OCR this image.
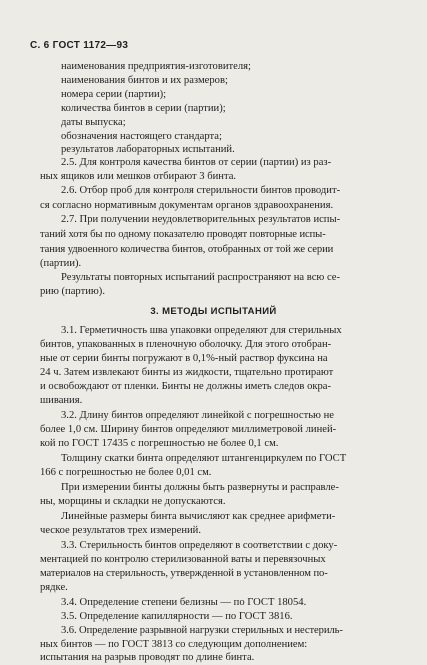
С. 6 ГОСТ 1172—93
наименования предприятия-изготовителя;
наименования бинтов и их размеров;
номера серии (партии);
количества бинтов в серии (партии);
даты выпуска;
обозначения настоящего стандарта;
результатов лабораторных испытаний.
2.5. Для контроля качества бинтов от серии (партии) из раз-
ных ящиков или мешков отбирают 3 бинта.
2.6. Отбор проб для контроля стерильности бинтов проводит-
ся согласно нормативным документам органов здравоохранения.
2.7. При получении неудовлетворительных результатов испы-
таний хотя бы по одному показателю проводят повторные испы-
тания удвоенного количества бинтов, отобранных от той же серии
(партии).
3. МЕТОДЫ ИСПЫТАНИЙ
Результаты повторных испытаний распространяют на всю се-
рию (партию).
3.1. Герметичность шва упаковки определяют для стерильных
бинтов, упакованных в пленочную оболочку. Для этого отобран-
ные от серии бинты погружают в 0,1%-ный раствор фуксина на
24 ч. Затем извлекают бинты из жидкости, тщательно протирают
и освобождают от пленки. Бинты не должны иметь следов окра-
шивания.
3.2. Длину бинтов определяют линейкой с погрешностью не
более 1,0 см. Ширину бинтов определяют миллиметровой линей-
кой по ГОСТ 17435 с погрешностью не более 0,1 см.
Толщину скатки бинта определяют штангенциркулем по ГОСТ
166 с погрешностью не более 0,01 см.
При измерении бинты должны быть развернуты и расправле-
ны, морщины и складки не допускаются.
Линейные размеры бинта вычисляют как среднее арифмети-
ческое результатов трех измерений.
3.3. Стерильность бинтов определяют в соответствии с доку-
ментацией по контролю стерилизованной ваты и перевязочных
материалов на стерильность, утвержденной в установленном по-
рядке.
3.4. Определение степени белизны — по ГОСТ 18054.
3.5. Определение капиллярности — по ГОСТ 3816.
3.6. Определение разрывной нагрузки стерильных и нестериль-
ных бинтов — по ГОСТ 3813 со следующим дополнением:
испытания на разрыв проводят по длине бинта.
